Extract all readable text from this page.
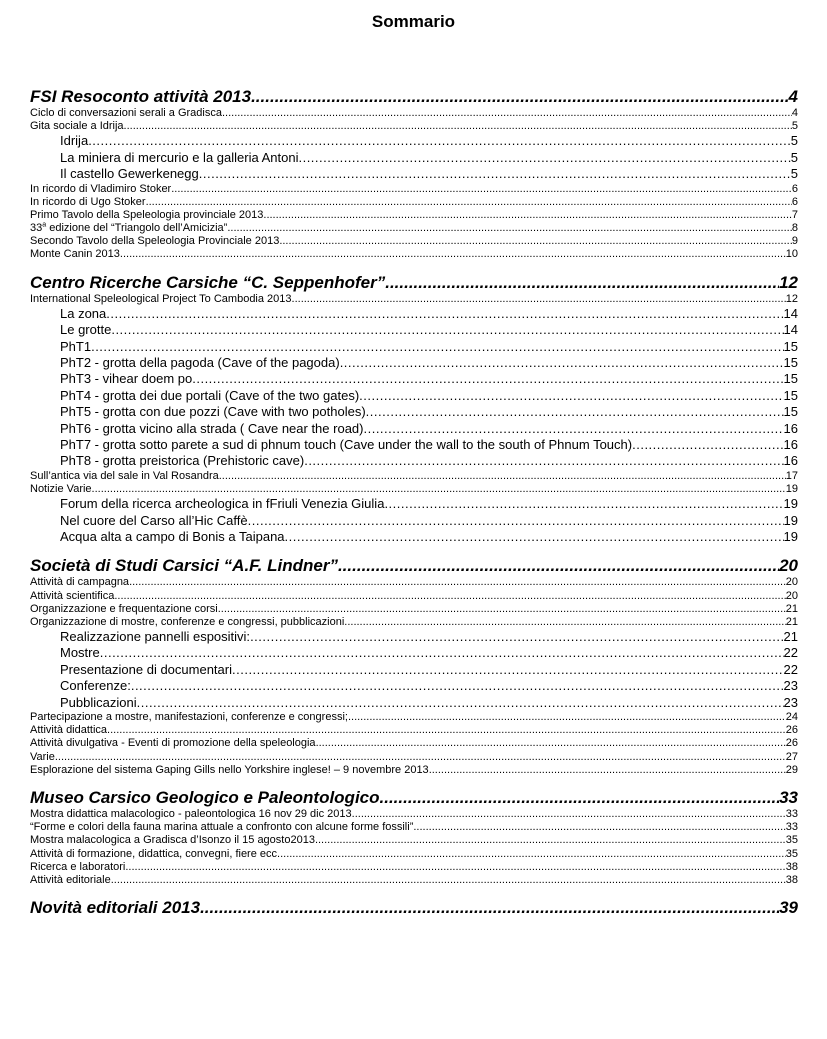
Sommario
FSI Resoconto attività 2013 .....	4
Ciclo di conversazioni serali a Gradisca .....	4
Gita sociale a Idrija .....	5
Idrija .....	5
La miniera di mercurio e la galleria Antoni .....	5
Il castello Gewerkenegg .....	5
In ricordo di Vladimiro Stoker .....	6
In ricordo di Ugo Stoker .....	6
Primo Tavolo della Speleologia provinciale 2013 .....	7
33$^a$ edizione del “Triangolo dell’Amicizia” .....	8
Secondo Tavolo della Speleologia Provinciale 2013 .....	9
Monte Canin 2013 .....	10
Centro Ricerche Carsiche “C. Seppenhofer” .....	12
International Speleological Project To Cambodia 2013 .....	12
La zona .....	14
Le grotte .....	14
PhT1 .....	15
PhT2 - grotta della pagoda (Cave of the pagoda) .....	15
PhT3 - vihear doem po .....	15
PhT4 - grotta dei due portali (Cave of the two gates) .....	15
PhT5 - grotta con due pozzi (Cave with two potholes) .....	15
PhT6 - grotta vicino alla strada ( Cave near the road) .....	16
PhT7 - grotta sotto parete a sud di phnum touch (Cave under the wall to the south of Phnum Touch) .....	16
PhT8 - grotta preistorica (Prehistoric cave) .....	16
Sull’antica via del sale in Val Rosandra .....	17
Notizie Varie .....	19
Forum della ricerca archeologica in fFriuli Venezia Giulia .....	19
Nel cuore del Carso all’Hic Caffè .....	19
Acqua alta a campo di Bonis a Taipana .....	19
Società di Studi Carsici “A.F. Lindner” .....	20
Attività di campagna .....	20
Attività scientifica .....	20
Organizzazione e frequentazione corsi .....	21
Organizzazione di mostre, conferenze e congressi, pubblicazioni .....	21
Realizzazione pannelli espositivi: .....	21
Mostre .....	22
Presentazione di documentari .....	22
Conferenze: .....	23
Pubblicazioni .....	23
Partecipazione a mostre, manifestazioni, conferenze e congressi; .....	24
Attività didattica .....	26
Attività divulgativa - Eventi di promozione della speleologia .....	26
Varie .....	27
Esplorazione del sistema Gaping Gills nello Yorkshire inglese! – 9 novembre 2013 .....	29
Museo Carsico Geologico e Paleontologico .....	33
Mostra didattica malacologico - paleontologica 16 nov 29 dic 2013 .....	33
“Forme e colori della fauna marina attuale a confronto con alcune forme fossili” .....	33
Mostra malacologica a Gradisca d’Isonzo il 15 agosto2013 .....	35
Attività di formazione, didattica, convegni, fiere ecc. .....	35
Ricerca e laboratori .....	38
Attività editoriale .....	38
Novità editoriali 2013 .....	39
